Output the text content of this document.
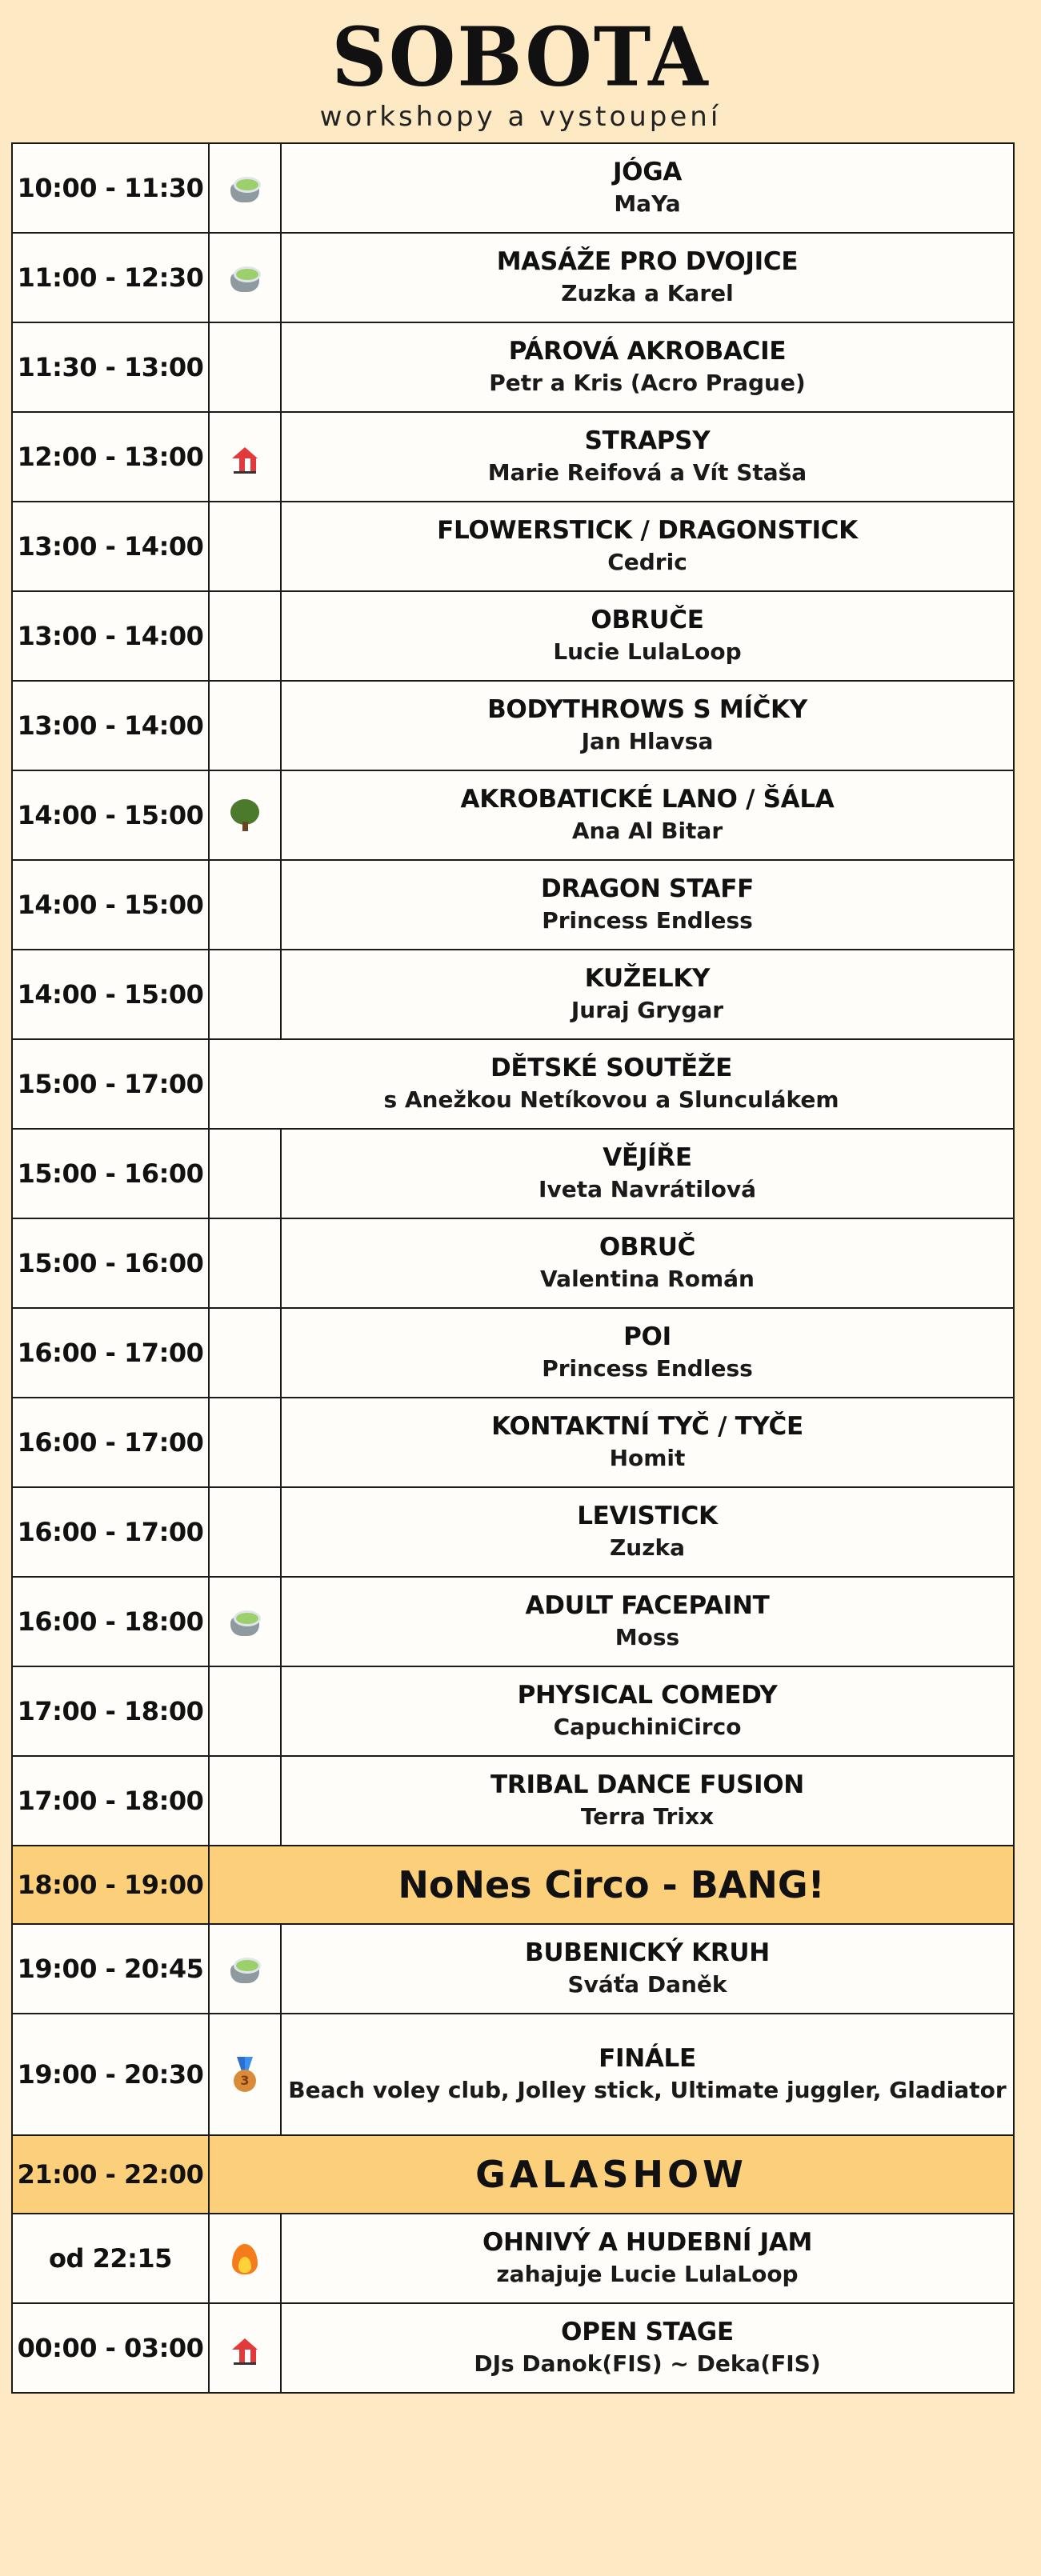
SOBOTA
workshopy a vystoupení
10:00 - 11:30		JÓGA
MaYa

11:00 - 12:30		MASÁŽE PRO DVOJICE
Zuzka a Karel

11:30 - 13:00		PÁROVÁ AKROBACIE
Petr a Kris (Acro Prague)

12:00 - 13:00		STRAPSY
Marie Reifová a Vít Staša

13:00 - 14:00		FLOWERSTICK / DRAGONSTICK
Cedric

13:00 - 14:00		OBRUČE
Lucie LulaLoop

13:00 - 14:00		BODYTHROWS S MÍČKY
Jan Hlavsa

14:00 - 15:00		AKROBATICKÉ LANO / ŠÁLA
Ana Al Bitar

14:00 - 15:00		DRAGON STAFF
Princess Endless

14:00 - 15:00		KUŽELKY
Juraj Grygar

15:00 - 17:00	DĚTSKÉ SOUTĚŽE
s Anežkou Netíkovou a Slunculákem	

15:00 - 16:00		VĚJÍŘE
Iveta Navrátilová

15:00 - 16:00		OBRUČ
Valentina Román

16:00 - 17:00		POI
Princess Endless

16:00 - 17:00		KONTAKTNÍ TYČ / TYČE
Homit

16:00 - 17:00		LEVISTICK
Zuzka

16:00 - 18:00		ADULT FACEPAINT
Moss

17:00 - 18:00		PHYSICAL COMEDY
CapuchiniCirco

17:00 - 18:00		TRIBAL DANCE FUSION
Terra Trixx

18:00 - 19:00	NoNes Circo - BANG!	
19:00 - 20:45		BUBENICKÝ KRUH
Sváťa Daněk

19:00 - 20:30	3	FINÁLE
Beach voley club, Jolley stick, Ultimate juggler, Gladiator

21:00 - 22:00	GALASHOW	
od 22:15		OHNIVÝ A HUDEBNÍ JAM
zahajuje Lucie LulaLoop

00:00 - 03:00		OPEN STAGE
DJs Danok(FIS) ~ Deka(FIS)
